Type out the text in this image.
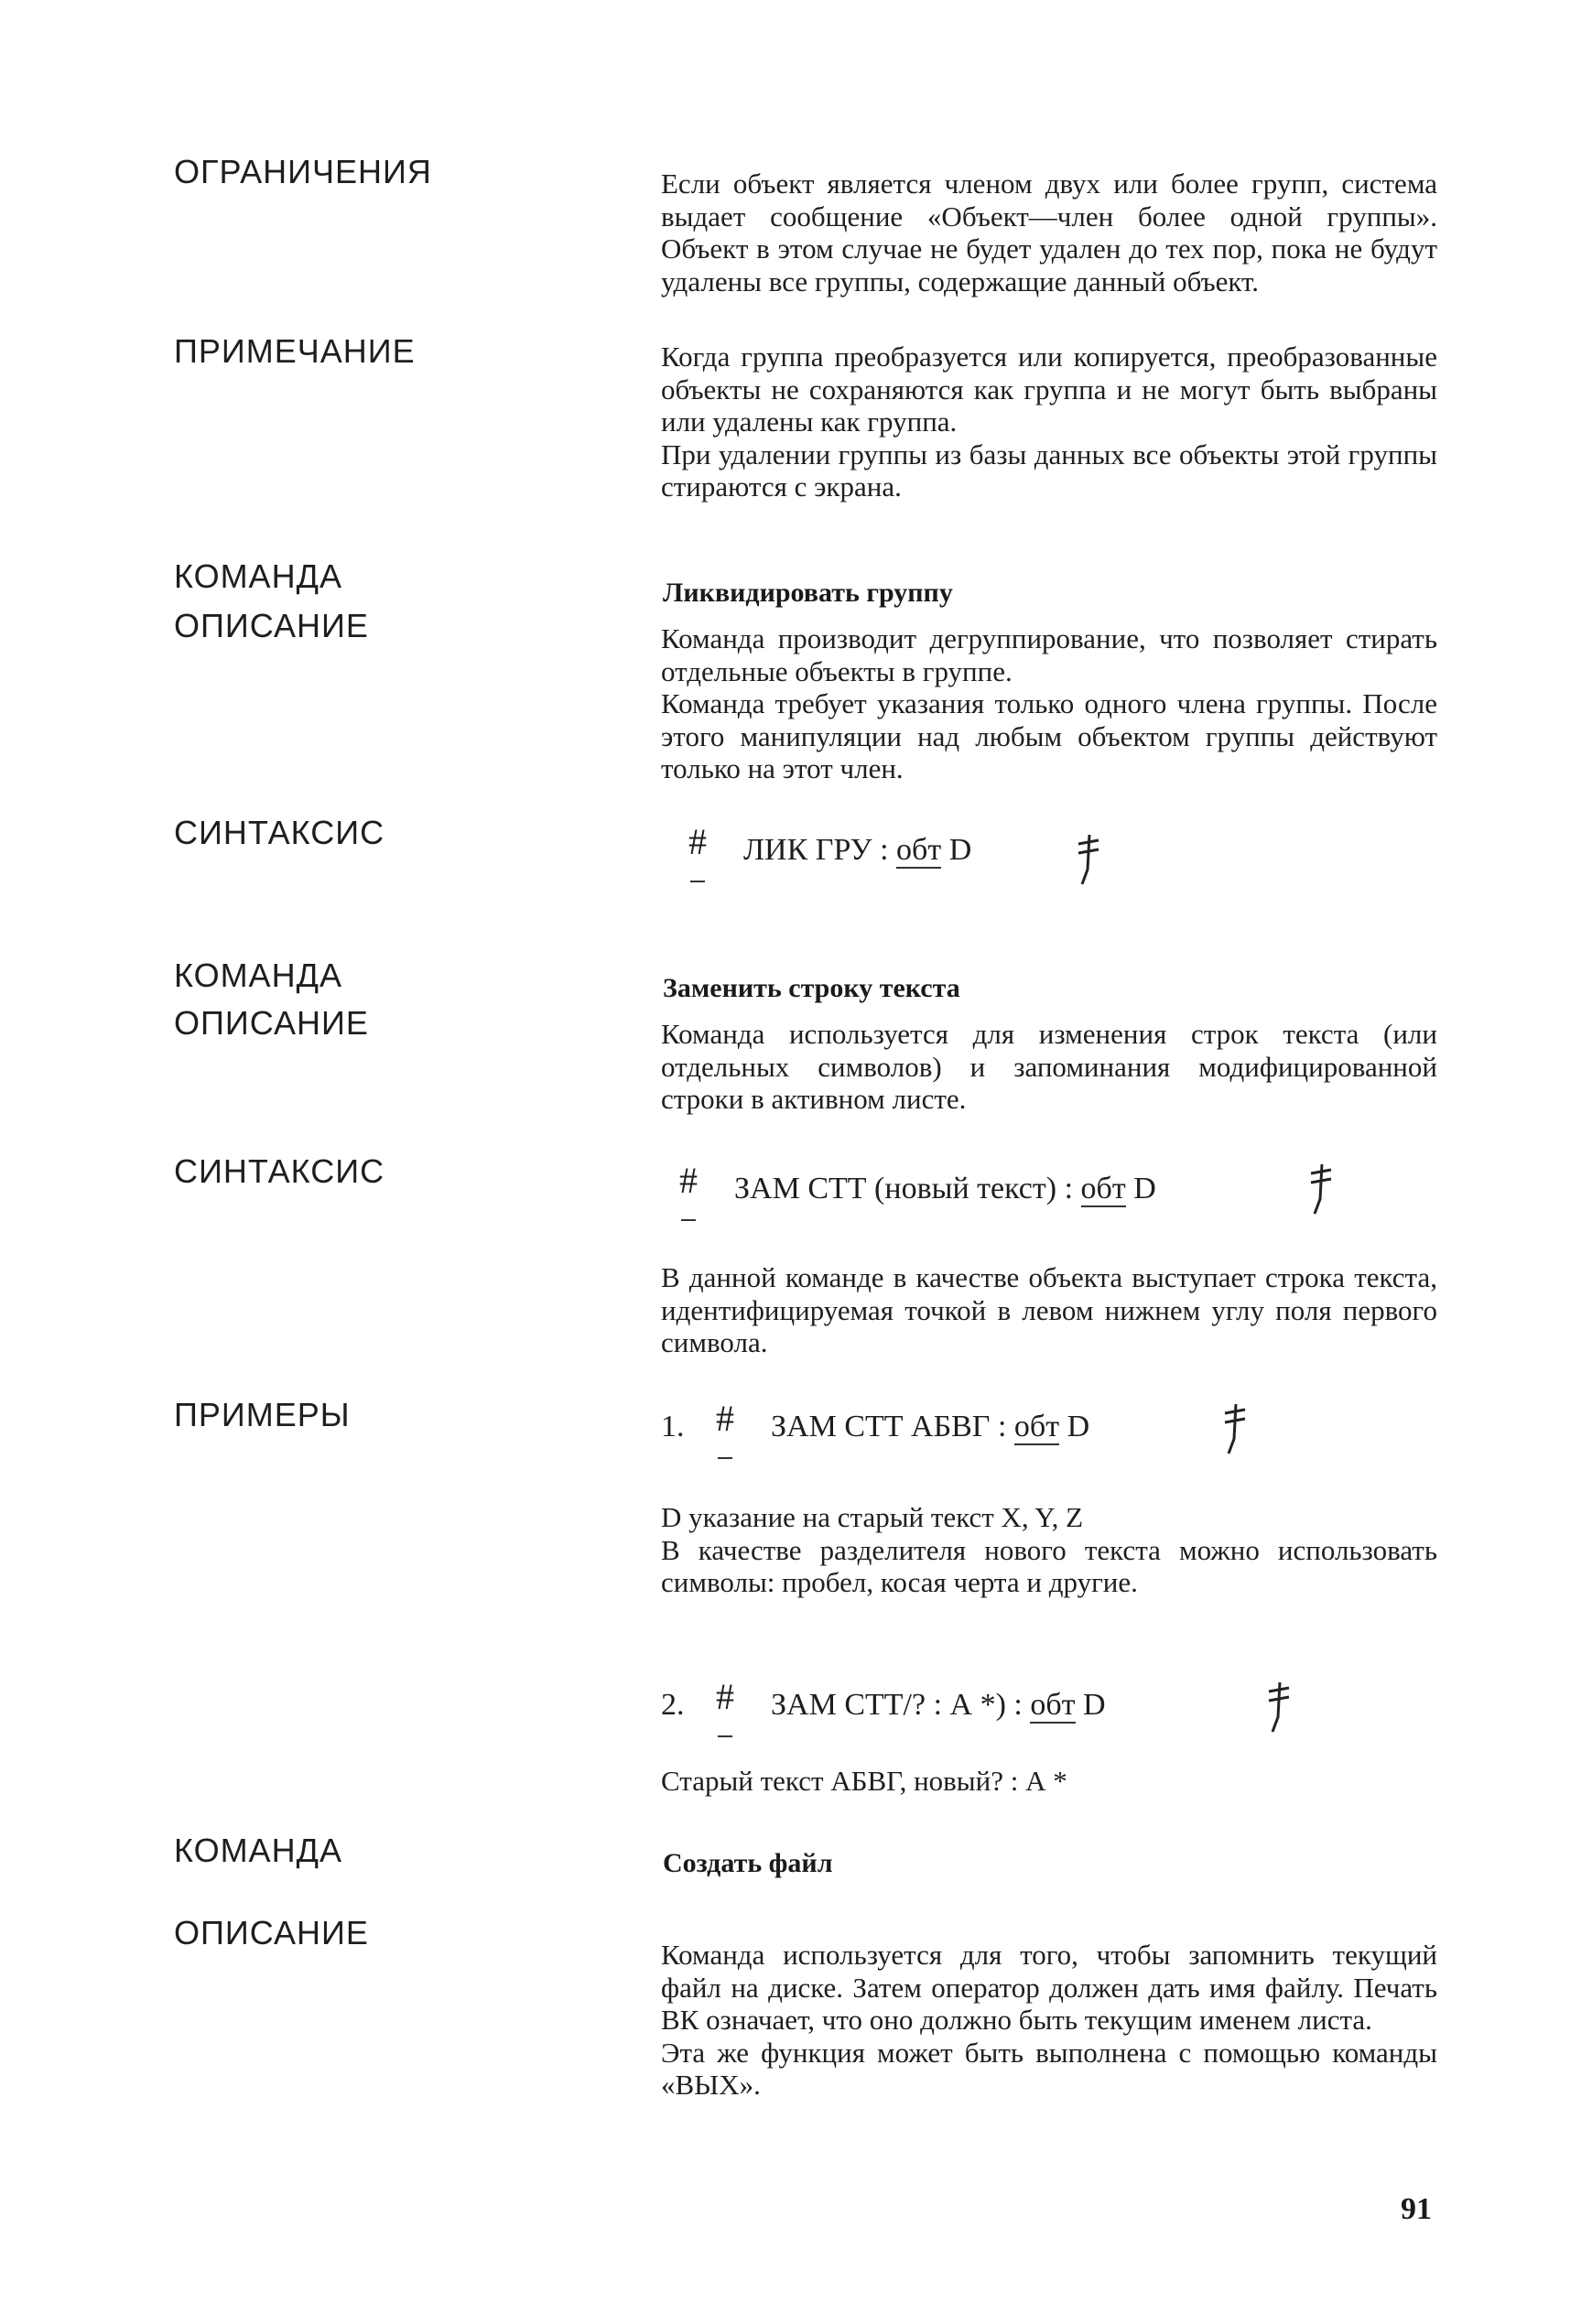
ОГРАНИЧЕНИЯ
ПРИМЕЧАНИЕ
КОМАНДА
ОПИСАНИЕ
СИНТАКСИС
КОМАНДА
ОПИСАНИЕ
СИНТАКСИС
ПРИМЕРЫ
КОМАНДА
ОПИСАНИЕ

Если объект является членом двух или более групп, система выдает сообщение «Объект—член более одной группы». Объект в этом случае не будет удален до тех пор, пока не будут удалены все группы, содержащие данный объект.

Когда группа преобразуется или копируется, преобразованные объекты не сохраняются как группа и не могут быть выбраны или удалены как группа.

При удалении группы из базы данных все объекты этой группы стираются с экрана.

Ликвидировать группу

Команда производит дегруппирование, что позволяет стирать отдельные объекты в группе.

Команда требует указания только одного члена группы. После этого манипуляции над любым объектом группы действуют только на этот член.

# ЛИК ГРУ : обт D
Заменить строку текста

Команда используется для изменения строк текста (или отдельных символов) и запоминания модифицированной строки в активном листе.

# ЗАМ СТТ (новый текст) : обт D

В данной команде в качестве объекта выступает строка текста, идентифицируемая точкой в левом нижнем углу поля первого символа.

1. # ЗАМ СТТ АБВГ : обт D

D указание на старый текст X, Y, Z

В качестве разделителя нового текста можно использовать символы: пробел, косая черта и другие.

2. # ЗАМ СТТ/? : А *) : обт D

Старый текст АБВГ, новый? : А *

Создать файл

Команда используется для того, чтобы запомнить текущий файл на диске. Затем оператор должен дать имя файлу. Печать ВК означает, что оно должно быть текущим именем листа.

Эта же функция может быть выполнена с помощью команды «ВЫХ».

91
